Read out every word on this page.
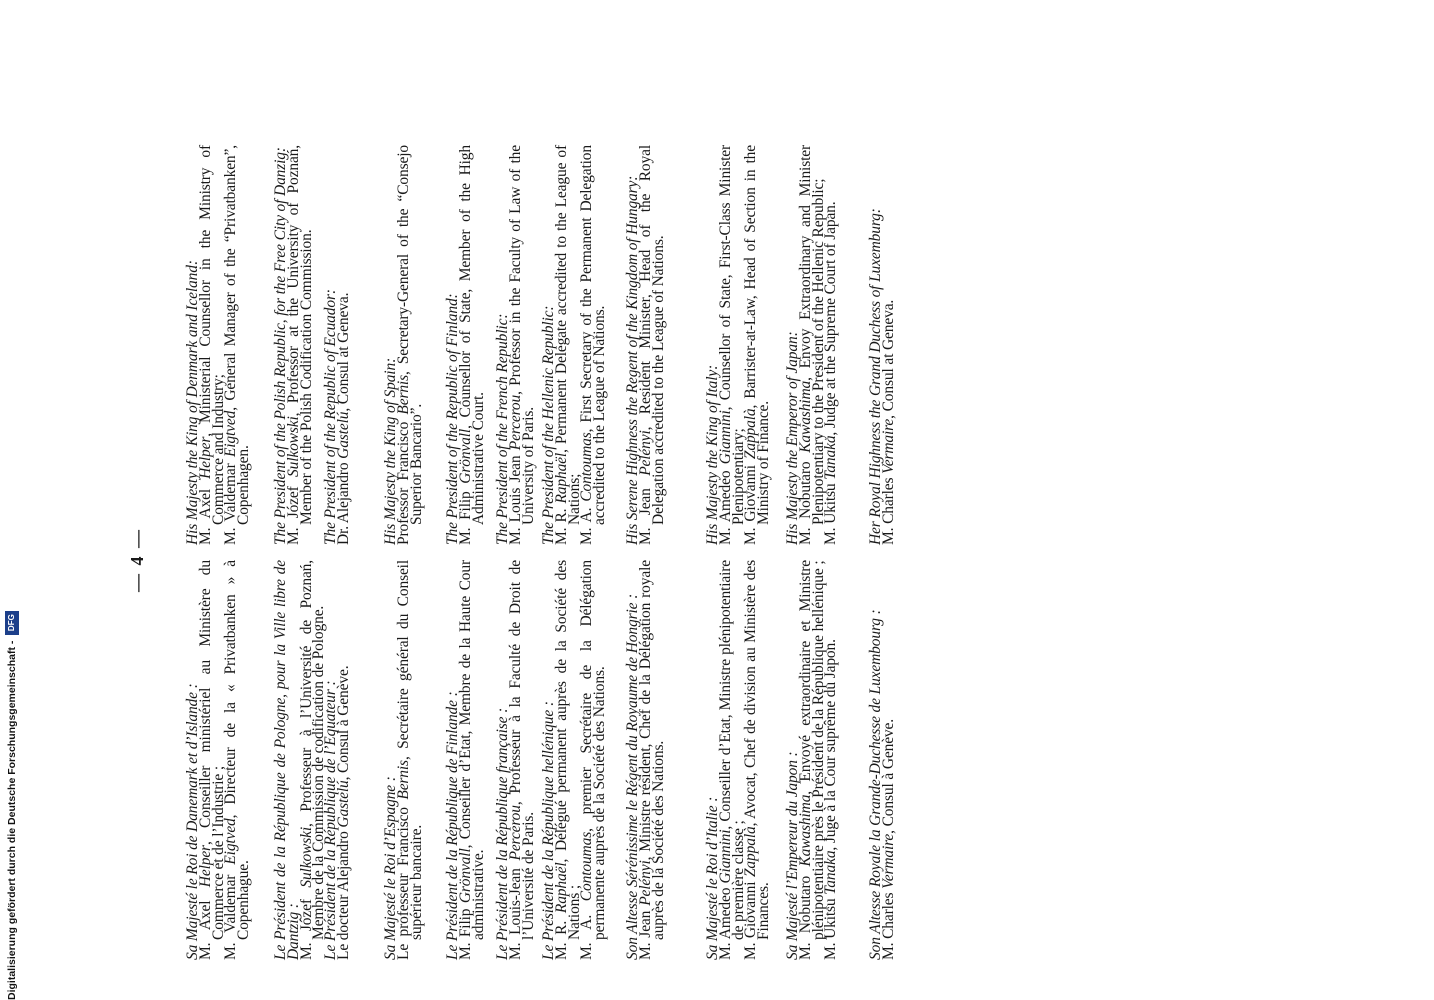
— 4 —

Sa Majesté le Roi de Danemark et d’Islande :

M. Axel Helper, Conseiller ministériel au Ministère du Commerce et de l’Industrie ;

M. Valdemar Eigtved, Directeur de la « Privatbanken » à Copenhague. Le Président de la République de Pologne, pour la Ville libre de Dantzig :

M. Józef Sulkowski, Professeur à l’Université de Poznań, Membre de la Commission de codification de Pologne.

Le Président de la République de l’Equateur :

Le docteur Alejandro Gastelú, Consul à Genève.

Sa Majesté le Roi d’Espagne :

Le professeur Francisco Bernis, Secrétaire général du Conseil supérieur bancaire. Le Président de la République de Finlande :

M. Filip Grönvall, Conseiller d’Etat, Membre de la Haute Cour administrative. Le Président de la République française :

M. Louis-Jean Percerou, Professeur à la Faculté de Droit de l’Université de Paris. Le Président de la République hellénique :

M. R. Raphaël, Délégué permanent auprès de la Société des Nations ;

M. A. Contoumas, premier Secrétaire de la Délégation permanente auprès de la Société des Nations. Son Altesse Sérénissime le Régent du Royaume de Hongrie :

M. Jean Pelényi, Ministre résident, Chef de la Délégation royale auprès de la Société des Nations. Sa Majesté le Roi d’Italie :

M. Amedeo Giannini, Conseiller d’Etat, Ministre plénipotentiaire de première classe ;

M. Giovanni Zappalà, Avocat, Chef de division au Ministère des Finances. Sa Majesté l’Empereur du Japon :

M. Nobutaro Kawashima, Envoyé extraordinaire et Ministre plénipotentiaire près le Président de la République hellénique ;

M. Ukitsu Tanaka, Juge à la Cour suprême du Japon. Son Altesse Royale la Grande-Duchesse de Luxembourg :

M. Charles Vermaire, Consul à Genève.

His Majesty the King of Denmark and Iceland:

M. Axel Helper, Ministerial Counsellor in the Ministry of Commerce and Industry;

M. Valdemar Eigtved, General Manager of the “Privatbanken”, Copenhagen. The President of the Polish Republic, for the Free City of Danzig:

M. Józef Sulkowski, Professor at the University of Poznań, Member of the Polish Codification Commission. The President of the Republic of Ecuador:

Dr. Alejandro Gastelú, Consul at Geneva.

His Majesty the King of Spain:

Professor Francisco Bernis, Secretary-General of the “Consejo Superior Bancario”. The President of the Republic of Finland:

M. Filip Grönvall, Counsellor of State, Member of the High Administrative Court. The President of the French Republic:

M. Louis Jean Percerou, Professor in the Faculty of Law of the University of Paris. The President of the Hellenic Republic:

M. R. Raphaël, Permanent Delegate accredited to the League of Nations;

M. A. Contoumas, First Secretary of the Permanent Delegation accredited to the League of Nations. His Serene Highness the Regent of the Kingdom of Hungary:

M. Jean Pelényi, Resident Minister, Head of the Royal Delegation accredited to the League of Nations. His Majesty the King of Italy:

M. Amedeo Giannini, Counsellor of State, First-Class Minister Plenipotentiary;

M. Giovanni Zappalà, Barrister-at-Law, Head of Section in the Ministry of Finance. His Majesty the Emperor of Japan:

M. Nobutaro Kawashima, Envoy Extraordinary and Minister Plenipotentiary to the President of the Hellenic Republic;

M. Ukitsu Tanaka, Judge at the Supreme Court of Japan. Her Royal Highness the Grand Duchess of Luxemburg:

M. Charles Vermaire, Consul at Geneva.

Digitalisierung gefördert durch die Deutsche Forschungsgemeinschaft -
DFG
